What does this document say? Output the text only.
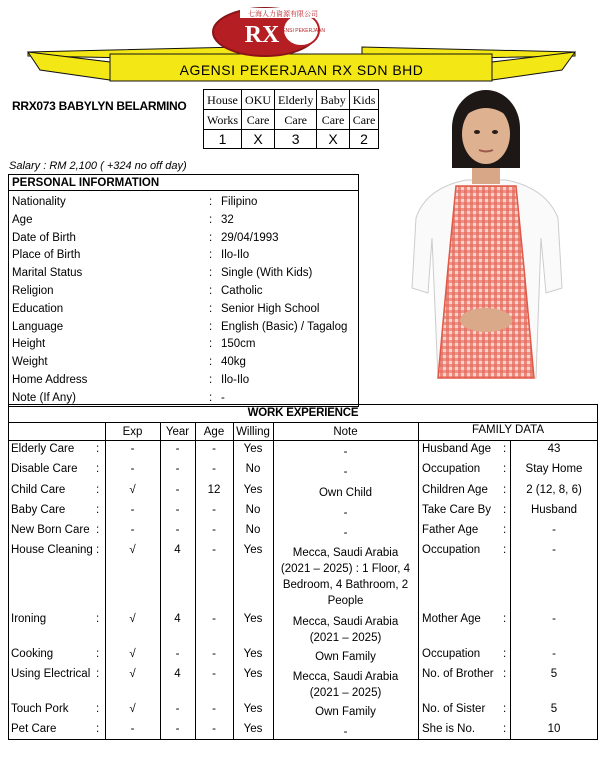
七海人力資源有限公司
RX
AGENSI PEKERJAAN
AGENSI PEKERJAAN RX SDN BHD
RRX073 BABYLYN BELARMINO House	OKU	Elderly	Baby	Kids
Works	Care	Care	Care	Care
1	X	3	X	2
Salary : RM 2,100 ( +324 no off day)
PERSONAL INFORMATION
Nationality	: Filipino
Age	: 32
Date of Birth	: 29/04/1993
Place of Birth	: Ilo-Ilo
Marital Status	: Single (With Kids)
Religion	: Catholic
Education	: Senior High School
Language	: English (Basic) / Tagalog
Height	: 150cm
Weight	: 40kg
Home Address	: Ilo-Ilo
Note (If Any)	: -
WORK EXPERIENCE
FAMILY DATA
Exp	Year	Age	Willing	Note
Elderly Care :	-	-	-	Yes	-
Disable Care :	-	-	-	No	-
Child Care	:	√	-	12	Yes	Own Child
Baby Care	:	-	-	-	No	-
New Born Care :	-	-	-	No	-
House Cleaning :	√	4	-	Yes	Mecca, Saudi Arabia (2021 – 2025) : 1 Floor, 4 Bedroom, 4 Bathroom, 2 People
Ironing	:	√	4	-	Yes	Mecca, Saudi Arabia (2021 – 2025)
Cooking	:	√	-	-	Yes	Own Family
Using Electrical :	√	4	-	Yes	Mecca, Saudi Arabia (2021 – 2025)
Touch Pork :	√	-	-	Yes	Own Family
Pet Care	:	-	-	-	Yes	-
Husband Age :	43
Occupation :	Stay Home
Children Age :	2 (12, 8, 6)
Take Care By :	Husband
Father Age :	-
Occupation :	-
Mother Age :	-
Occupation :	-
No. of Brother :	5
No. of Sister :	5
She is No. :	10
